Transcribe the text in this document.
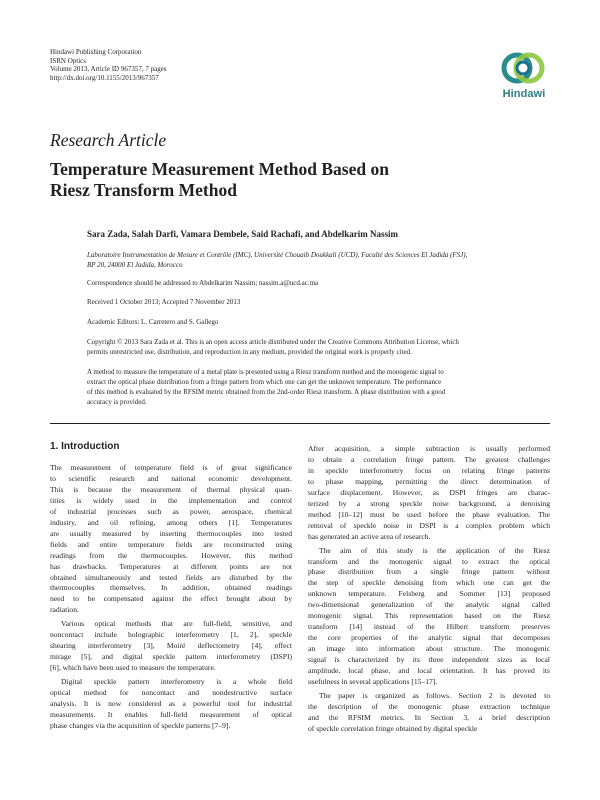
Hindawi Publishing Corporation
ISRN Optics
Volume 2013, Article ID 967357, 7 pages
http://dx.doi.org/10.1155/2013/967357
Hindawi
Research Article
Temperature Measurement Method Based on
Riesz Transform Method
Sara Zada, Salah Darfi, Vamara Dembele, Said Rachafi, and Abdelkarim Nassim
Laboratoire Instrumentation de Mesure et Contrôle (IMC), Université Chouaib Doukkali (UCD), Faculté des Sciences El Jadida (FSJ),
BP 20, 24000 El Jadida, Morocco
Correspondence should be addressed to Abdelkarim Nassim; nassim.a@ucd.ac.ma
Received 1 October 2013; Accepted 7 November 2013
Academic Editors: L. Carretero and S. Gallego
Copyright © 2013 Sara Zada et al. This is an open access article distributed under the Creative Commons Attribution License, which
permits unrestricted use, distribution, and reproduction in any medium, provided the original work is properly cited.
A method to measure the temperature of a metal plate is presented using a Riesz transform method and the monogenic signal to
extract the optical phase distribution from a fringe pattern from which one can get the unknown temperature. The performance
of this method is evaluated by the RFSIM metric obtained from the 2nd-order Riesz transform. A phase distribution with a good
accuracy is provided.
1. Introduction
The measurement of temperature field is of great significance
to scientific research and national economic development.
This is because the measurement of thermal physical quan-
tities is widely used in the implementation and control
of industrial processes such as power, aerospace, chemical
industry, and oil refining, among others [1]. Temperatures
are usually measured by inserting thermocouples into tested
fields and entire temperature fields are reconstructed using
readings from the thermocouples. However, this method
has drawbacks. Temperatures at different points are not
obtained simultaneously and tested fields are disturbed by the
thermocouples themselves. In addition, obtained readings
need to be compensated against the effect brought about by
radiation.
Various optical methods that are full-field, sensitive, and
noncontact include holographic interferometry [1, 2], speckle
shearing interferometry [3], Moiré deflectometry [4], effect
mirage [5], and digital speckle pattern interferometry (DSPI)
[6], which have been used to measure the temperature.
Digital speckle pattern interferometry is a whole field
optical method for noncontact and nondestructive surface
analysis. It is now considered as a powerful tool for industrial
measurements. It enables full-field measurement of optical
phase changes via the acquisition of speckle patterns [7–9].
After acquisition, a simple subtraction is usually performed
to obtain a correlation fringe pattern. The greatest challenges
in speckle interferometry focus on relating fringe patterns
to phase mapping, permitting the direct determination of
surface displacement. However, as DSPI fringes are charac-
terized by a strong speckle noise background, a denoising
method [10–12] must be used before the phase evaluation. The
removal of speckle noise in DSPI is a complex problem which
has generated an active area of research.
The aim of this study is the application of the Riesz
transform and the monogenic signal to extract the optical
phase distribution from a single fringe pattern without
the step of speckle denoising from which one can get the
unknown temperature. Felsberg and Sommer [13] proposed
two-dimensional generalization of the analytic signal called
monogenic signal. This representation based on the Riesz
transform [14] instead of the Hilbert transform preserves
the core properties of the analytic signal that decomposes
an image into information about structure. The monogenic
signal is characterized by its three independent sizes as local
amplitude, local phase, and local orientation. It has proved its
usefulness in several applications [15–17].
The paper is organized as follows. Section 2 is devoted to
the description of the monogenic phase extraction technique
and the RFSIM metrics. In Section 3, a brief description
of speckle correlation fringe obtained by digital speckle
